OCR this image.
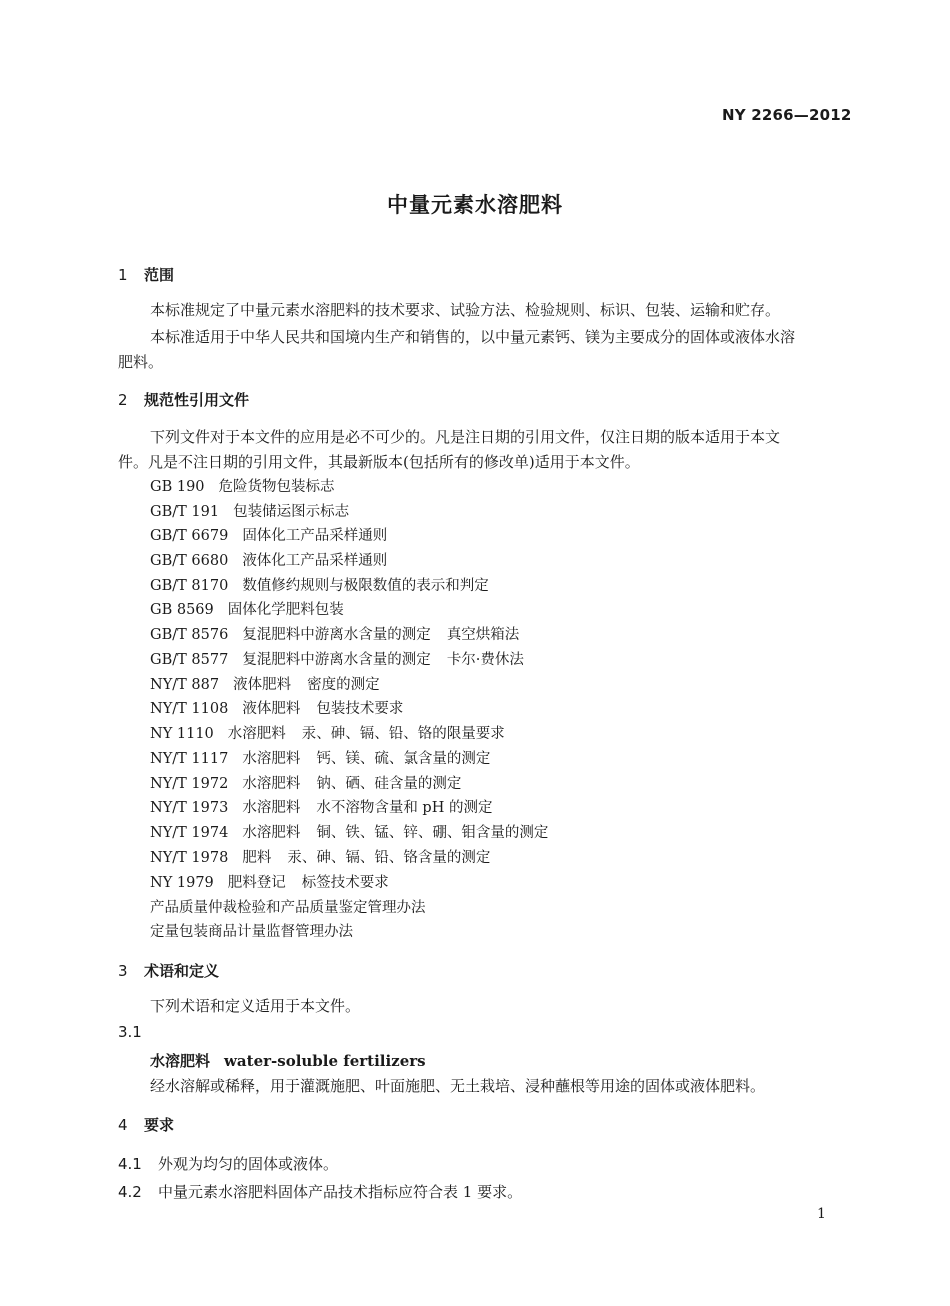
NY 2266—2012
中量元素水溶肥料
1 范围
本标准规定了中量元素水溶肥料的技术要求、试验方法、检验规则、标识、包装、运输和贮存。
本标准适用于中华人民共和国境内生产和销售的，以中量元素钙、镁为主要成分的固体或液体水溶
肥料。
2 规范性引用文件
下列文件对于本文件的应用是必不可少的。凡是注日期的引用文件，仅注日期的版本适用于本文
件。凡是不注日期的引用文件，其最新版本(包括所有的修改单)适用于本文件。
GB 190 危险货物包装标志
GB/T 191 包装储运图示标志
GB/T 6679 固体化工产品采样通则
GB/T 6680 液体化工产品采样通则
GB/T 8170 数值修约规则与极限数值的表示和判定
GB 8569 固体化学肥料包装
GB/T 8576 复混肥料中游离水含量的测定 真空烘箱法
GB/T 8577 复混肥料中游离水含量的测定 卡尔·费休法
NY/T 887 液体肥料 密度的测定
NY/T 1108 液体肥料 包装技术要求
NY 1110 水溶肥料 汞、砷、镉、铅、铬的限量要求
NY/T 1117 水溶肥料 钙、镁、硫、氯含量的测定
NY/T 1972 水溶肥料 钠、硒、硅含量的测定
NY/T 1973 水溶肥料 水不溶物含量和 pH 的测定
NY/T 1974 水溶肥料 铜、铁、锰、锌、硼、钼含量的测定
NY/T 1978 肥料 汞、砷、镉、铅、铬含量的测定
NY 1979 肥料登记 标签技术要求
产品质量仲裁检验和产品质量鉴定管理办法
定量包装商品计量监督管理办法
3 术语和定义
下列术语和定义适用于本文件。
3.1
水溶肥料 water-soluble fertilizers
经水溶解或稀释，用于灌溉施肥、叶面施肥、无土栽培、浸种蘸根等用途的固体或液体肥料。
4 要求
4.1 外观为均匀的固体或液体。
4.2 中量元素水溶肥料固体产品技术指标应符合表 1 要求。
1
